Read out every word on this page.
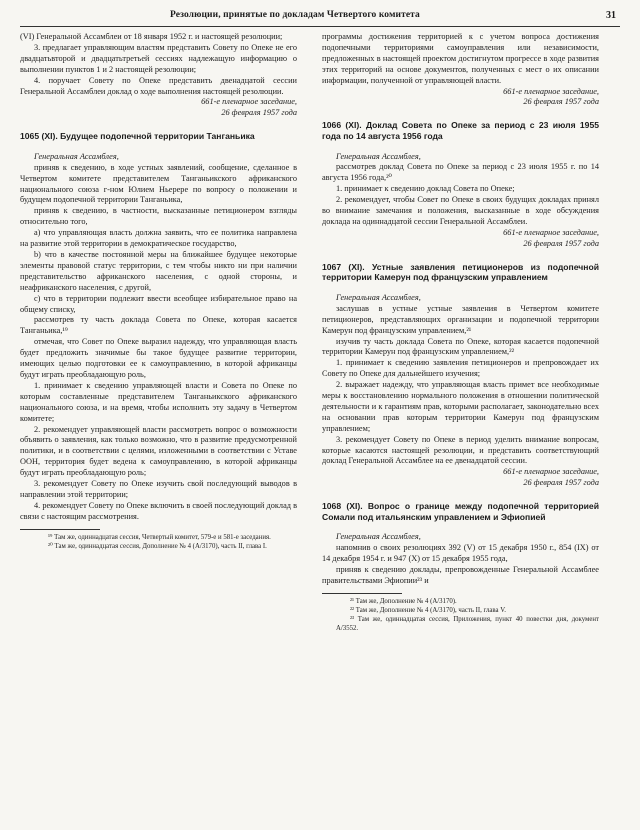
Резолюции, принятые по докладам Четвертого комитета	31

(VI) Генеральной Ассамблеи от 18 января 1952 г. и настоящей резолюции;

3. предлагает управляющим властям представить Совету по Опеке не его двадцатьвторой и двадцатьтретьей сессиях надлежащую информацию о выполнении пунктов 1 и 2 настоящей резолюции;

4. поручает Совету по Опеке представить двенадцатой сессии Генеральной Ассамблеи доклад о ходе выполнения настоящей резолюции.

661-е пленарное заседание,

26 февраля 1957 года

1065 (XI). Будущее подопечной территории Танганьика

Генеральная Ассамблея,

приняв к сведению, в ходе устных заявлений, сообщение, сделанное в Четвертом комитете представителем Танганьикского африканского национального союза г-ном Юлием Ньерере по вопросу о положении и будущем подопечной территории Танганьика,

приняв к сведению, в частности, высказанные петиционером взгляды относительно того,

a) что управляющая власть должна заявить, что ее политика направлена на развитие этой территории в демократическое государство,

b) что в качестве постоянной меры на ближайшее будущее некоторые элементы правовой статус территории, с тем чтобы никто ни при наличии представительство африканского населения, с одной стороны, и неафриканского населения, с другой,

c) что в территории подлежит ввести всеобщее избирательное право на общему списку,

рассмотрев ту часть доклада Совета по Опеке, которая касается Танганьика,¹⁹

отмечая, что Совет по Опеке выразил надежду, что управляющая власть будет предложить значимые бы такое будущее развитие территории, имеющих целью подготовки ее к самоуправлению, в которой африканцы будут играть преобладающую роль,

1. принимает к сведению управляющей власти и Совета по Опеке по которым составленные представителем Танганьикского африканского национального союза, и на время, чтобы исполнить эту задачу в Четвертом комитете;

2. рекомендует управляющей власти рассмотреть вопрос о возможности объявить о заявления, как только возможно, что в развитие предусмотренной политики, и в соответствии с целями, изложенными в соответствии с Уставе ООН, территория будет ведена к самоуправлению, в которой африканцы будут играть преобладающую роль;

3. рекомендует Совету по Опеке изучить свой последующий выводов в направлении этой территории;

4. рекомендует Совету по Опеке включить в своей последующий доклад в связи с настоящим рассмотрения.

¹⁹ Там же, одиннадцатая сессия, Четвертый комитет, 579-е и 581-е заседания.

²⁰ Там же, одиннадцатая сессия, Дополнение № 4 (А/3170), часть II, глава I.

программы достижения территорией к с учетом вопроса достижения подопечными территориями самоуправления или независимости, предложенных в настоящей проектом достигнутом прогрессе в ходе развития этих территорий на основе документов, полученных с мест о их описании информации, полученной от управляющей власти.

661-е пленарное заседание,

26 февраля 1957 года

1066 (XI). Доклад Совета по Опеке за период с 23 июля 1955 года по 14 августа 1956 года

Генеральная Ассамблея,

рассмотрев доклад Совета по Опеке за период с 23 июля 1955 г. по 14 августа 1956 года,²⁰

1. принимает к сведению доклад Совета по Опеке;

2. рекомендует, чтобы Совет по Опеке в своих будущих докладах принял во внимание замечания и положения, высказанные в ходе обсуждения доклада на одиннадцатой сессии Генеральной Ассамблеи.

661-е пленарное заседание,

26 февраля 1957 года

1067 (XI). Устные заявления петиционеров из подопечной территории Камерун под французским управлением

Генеральная Ассамблея,

заслушав в устные устные заявления в Четвертом комитете петиционеров, представляющих организации и подопечной территории Камерун под французским управлением,²¹

изучив ту часть доклада Совета по Опеке, которая касается подопечной территории Камерун под французским управлением,²²

1. принимает к сведению заявления петиционеров и препровождает их Совету по Опеке для дальнейшего изучения;

2. выражает надежду, что управляющая власть примет все необходимые меры к восстановлению нормального положения в отношении политической деятельности и к гарантиям прав, которыми располагает, законодательно всех на основании прав которым территории Камерун под французским управлением;

3. рекомендует Совету по Опеке в период уделить внимание вопросам, которые касаются настоящей резолюции, и представить соответствующий доклад Генеральной Ассамблее на ее двенадцатой сессии.

661-е пленарное заседание,

26 февраля 1957 года

1068 (XI). Вопрос о границе между подопечной территорией Сомали под итальянским управлением и Эфиопией

Генеральная Ассамблея,

напомнив о своих резолюциях 392 (V) от 15 декабря 1950 г., 854 (IX) от 14 декабря 1954 г. и 947 (X) от 15 декабря 1955 года,

приняв к сведению доклады, препровожденные Генеральной Ассамблее правительствами Эфиопии²³ и

²¹ Там же, Дополнение № 4 (А/3170).

²² Там же, Дополнение № 4 (А/3170), часть II, глава V.

²³ Там же, одиннадцатая сессия, Приложения, пункт 40 повестки дня, документ А/3552.
